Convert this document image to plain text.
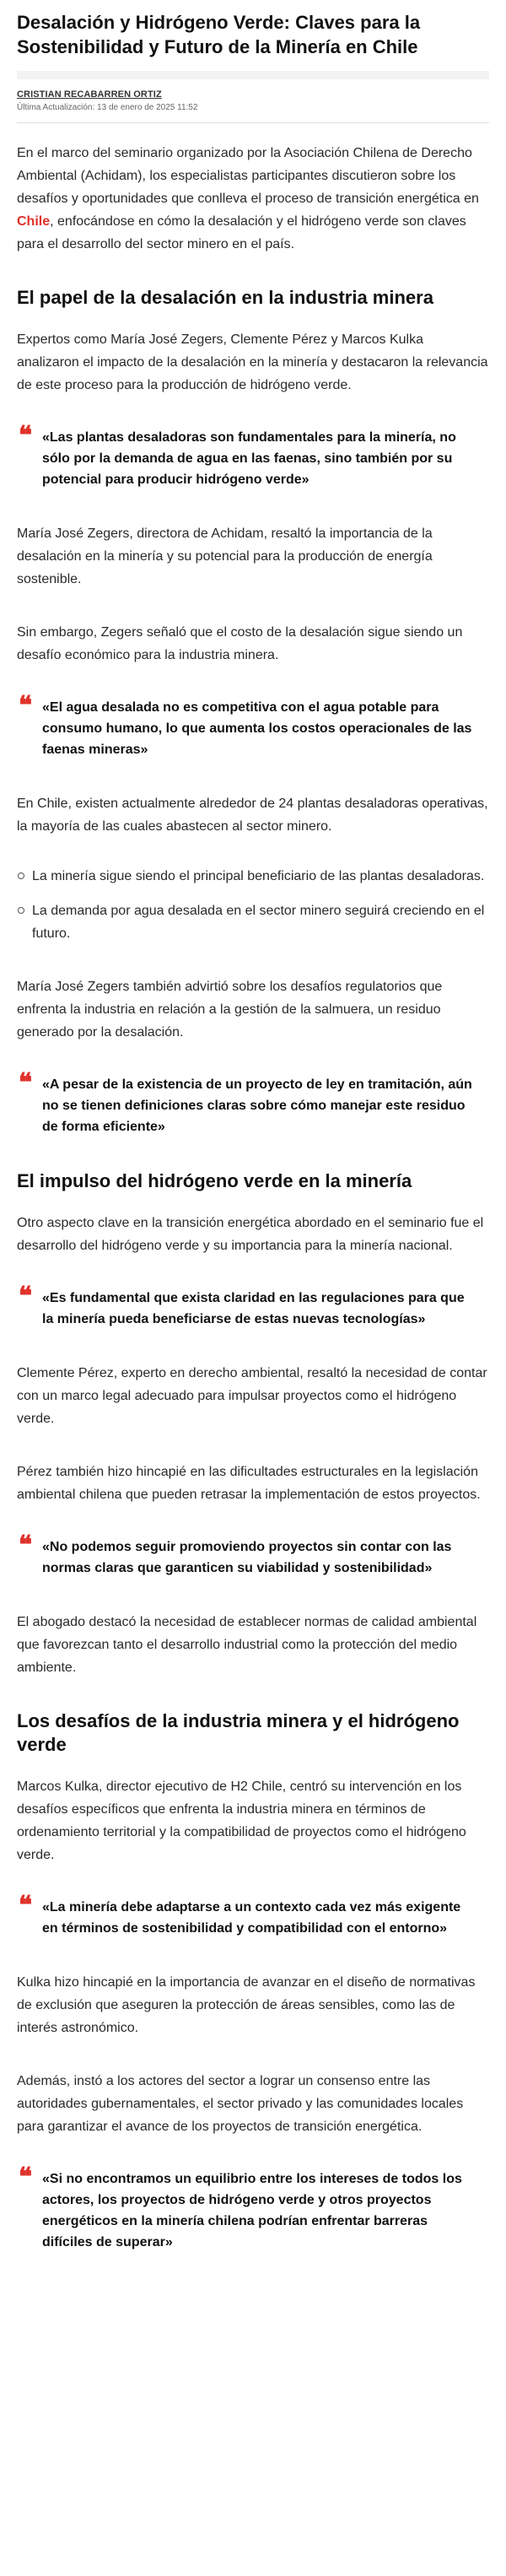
Desalación y Hidrógeno Verde: Claves para la Sostenibilidad y Futuro de la Minería en Chile
CRISTIAN RECABARREN ORTIZ
Última Actualización: 13 de enero de 2025 11:52

En el marco del seminario organizado por la Asociación Chilena de Derecho Ambiental (Achidam), los especialistas participantes discutieron sobre los desafíos y oportunidades que conlleva el proceso de transición energética en Chile, enfocándose en cómo la desalación y el hidrógeno verde son claves para el desarrollo del sector minero en el país.

El papel de la desalación en la industria minera

Expertos como María José Zegers, Clemente Pérez y Marcos Kulka analizaron el impacto de la desalación en la minería y destacaron la relevancia de este proceso para la producción de hidrógeno verde.

❝ «Las plantas desaladoras son fundamentales para la minería, no sólo por la demanda de agua en las faenas, sino también por su potencial para producir hidrógeno verde»

María José Zegers, directora de Achidam, resaltó la importancia de la desalación en la minería y su potencial para la producción de energía sostenible.

Sin embargo, Zegers señaló que el costo de la desalación sigue siendo un desafío económico para la industria minera.

❝ «El agua desalada no es competitiva con el agua potable para consumo humano, lo que aumenta los costos operacionales de las faenas mineras»

En Chile, existen actualmente alrededor de 24 plantas desaladoras operativas, la mayoría de las cuales abastecen al sector minero.

La minería sigue siendo el principal beneficiario de las plantas desaladoras.
La demanda por agua desalada en el sector minero seguirá creciendo en el futuro.

María José Zegers también advirtió sobre los desafíos regulatorios que enfrenta la industria en relación a la gestión de la salmuera, un residuo generado por la desalación.

❝ «A pesar de la existencia de un proyecto de ley en tramitación, aún no se tienen definiciones claras sobre cómo manejar este residuo de forma eficiente»
El impulso del hidrógeno verde en la minería

Otro aspecto clave en la transición energética abordado en el seminario fue el desarrollo del hidrógeno verde y su importancia para la minería nacional.

❝ «Es fundamental que exista claridad en las regulaciones para que la minería pueda beneficiarse de estas nuevas tecnologías»

Clemente Pérez, experto en derecho ambiental, resaltó la necesidad de contar con un marco legal adecuado para impulsar proyectos como el hidrógeno verde.

Pérez también hizo hincapié en las dificultades estructurales en la legislación ambiental chilena que pueden retrasar la implementación de estos proyectos.

❝ «No podemos seguir promoviendo proyectos sin contar con las normas claras que garanticen su viabilidad y sostenibilidad»

El abogado destacó la necesidad de establecer normas de calidad ambiental que favorezcan tanto el desarrollo industrial como la protección del medio ambiente.

Los desafíos de la industria minera y el hidrógeno verde

Marcos Kulka, director ejecutivo de H2 Chile, centró su intervención en los desafíos específicos que enfrenta la industria minera en términos de ordenamiento territorial y la compatibilidad de proyectos como el hidrógeno verde.

❝ «La minería debe adaptarse a un contexto cada vez más exigente en términos de sostenibilidad y compatibilidad con el entorno»

Kulka hizo hincapié en la importancia de avanzar en el diseño de normativas de exclusión que aseguren la protección de áreas sensibles, como las de interés astronómico.

Además, instó a los actores del sector a lograr un consenso entre las autoridades gubernamentales, el sector privado y las comunidades locales para garantizar el avance de los proyectos de transición energética.

❝ «Si no encontramos un equilibrio entre los intereses de todos los actores, los proyectos de hidrógeno verde y otros proyectos energéticos en la minería chilena podrían enfrentar barreras difíciles de superar»
